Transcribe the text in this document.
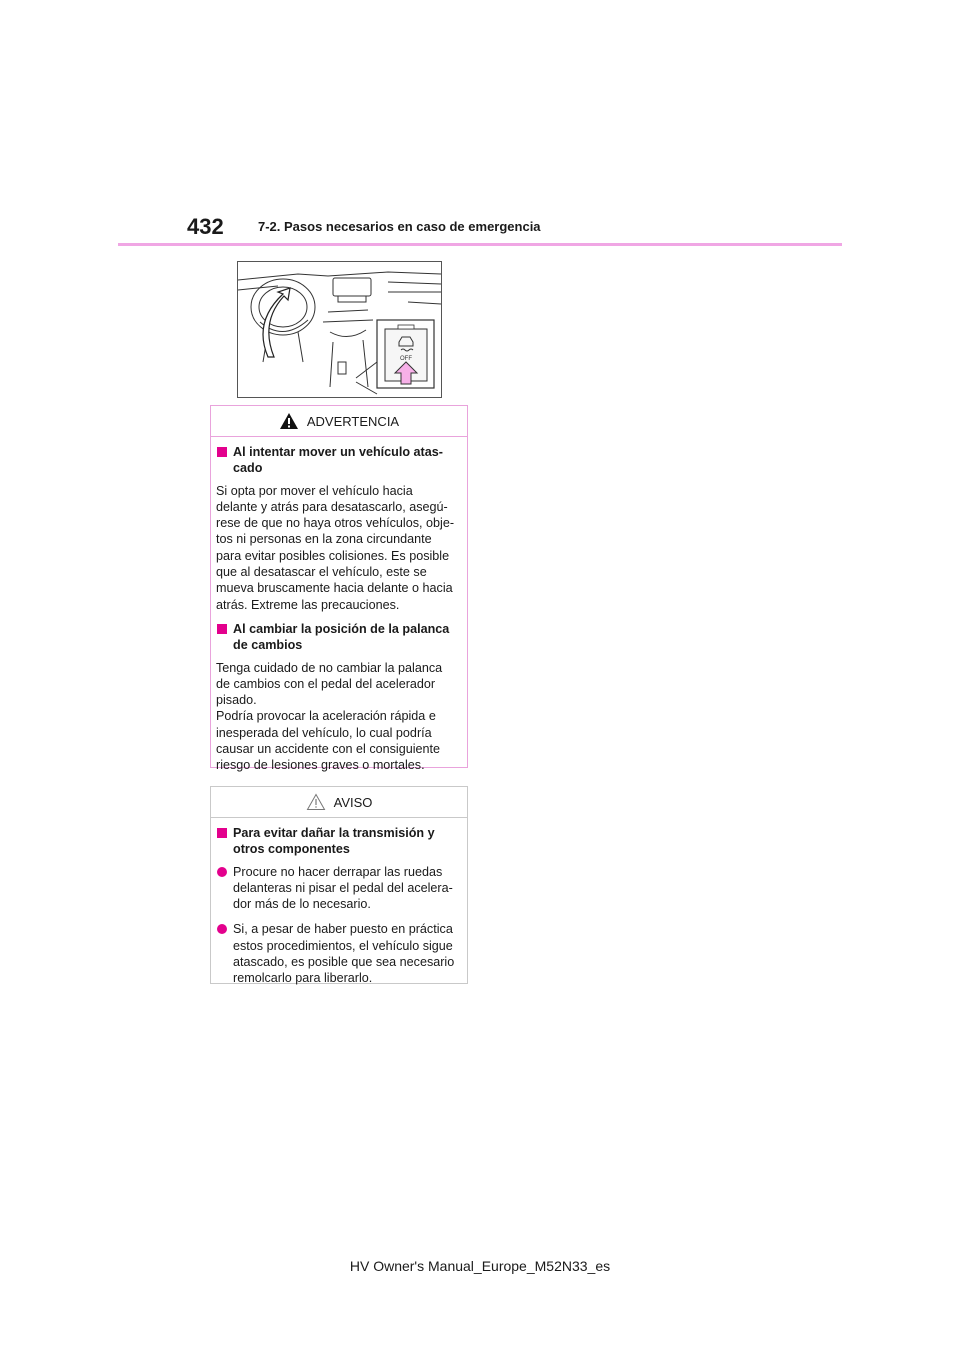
432	7-2. Pasos necesarios en caso de emergencia
OFF
ADVERTENCIA
Al intentar mover un vehículo atas-
cado
Si opta por mover el vehículo hacia
delante y atrás para desatascarlo, asegú-
rese de que no haya otros vehículos, obje-
tos ni personas en la zona circundante
para evitar posibles colisiones. Es posible
que al desatascar el vehículo, este se
mueva bruscamente hacia delante o hacia
atrás. Extreme las precauciones.
Al cambiar la posición de la palanca
de cambios
Tenga cuidado de no cambiar la palanca
de cambios con el pedal del acelerador
pisado.
Podría provocar la aceleración rápida e
inesperada del vehículo, lo cual podría
causar un accidente con el consiguiente
riesgo de lesiones graves o mortales.
AVISO
Para evitar dañar la transmisión y
otros componentes
Procure no hacer derrapar las ruedas
delanteras ni pisar el pedal del acelera-
dor más de lo necesario.
Si, a pesar de haber puesto en práctica
estos procedimientos, el vehículo sigue
atascado, es posible que sea necesario
remolcarlo para liberarlo.
HV Owner's Manual_Europe_M52N33_es
